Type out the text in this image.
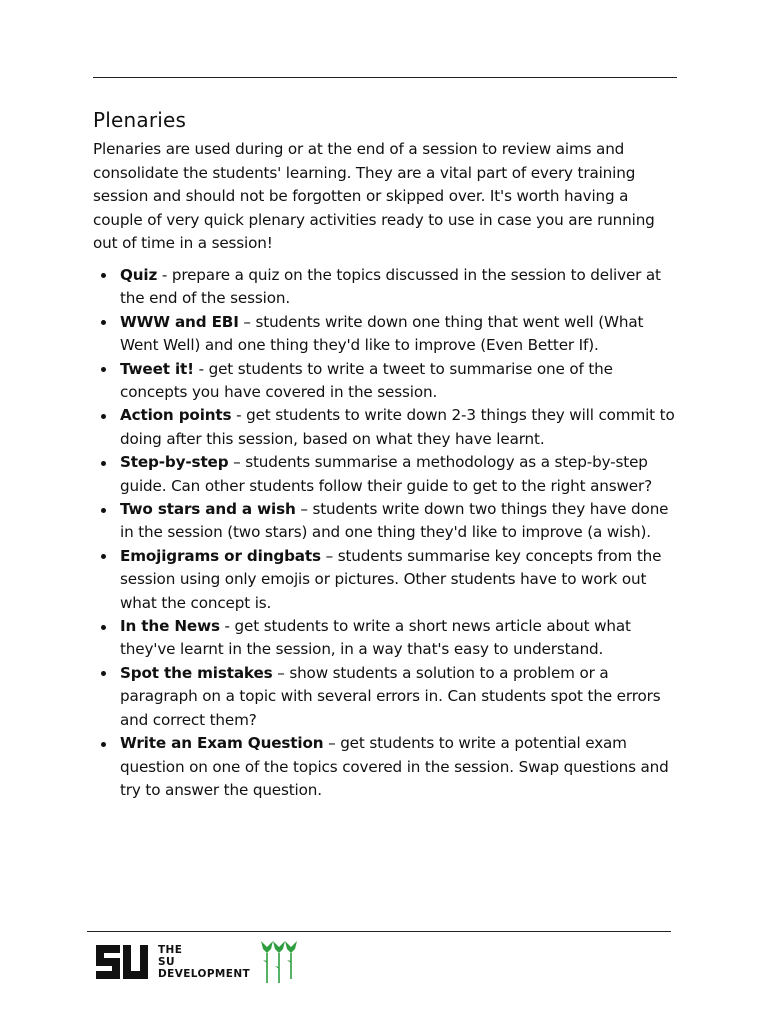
Plenaries

Plenaries are used during or at the end of a session to review aims and consolidate the students' learning. They are a vital part of every training session and should not be forgotten or skipped over. It's worth having a couple of very quick plenary activities ready to use in case you are running out of time in a session!

Quiz - prepare a quiz on the topics discussed in the session to deliver at the end of the session.
WWW and EBI – students write down one thing that went well (What Went Well) and one thing they'd like to improve (Even Better If).
Tweet it! - get students to write a tweet to summarise one of the concepts you have covered in the session.
Action points - get students to write down 2-3 things they will commit to doing after this session, based on what they have learnt.
Step-by-step – students summarise a methodology as a step-by-step guide. Can other students follow their guide to get to the right answer?
Two stars and a wish – students write down two things they have done in the session (two stars) and one thing they'd like to improve (a wish).
Emojigrams or dingbats – students summarise key concepts from the session using only emojis or pictures. Other students have to work out what the concept is.
In the News - get students to write a short news article about what they've learnt in the session, in a way that's easy to understand.
Spot the mistakes – show students a solution to a problem or a paragraph on a topic with several errors in. Can students spot the errors and correct them?
Write an Exam Question – get students to write a potential exam question on one of the topics covered in the session. Swap questions and try to answer the question.
THE
SU
DEVELOPMENT
